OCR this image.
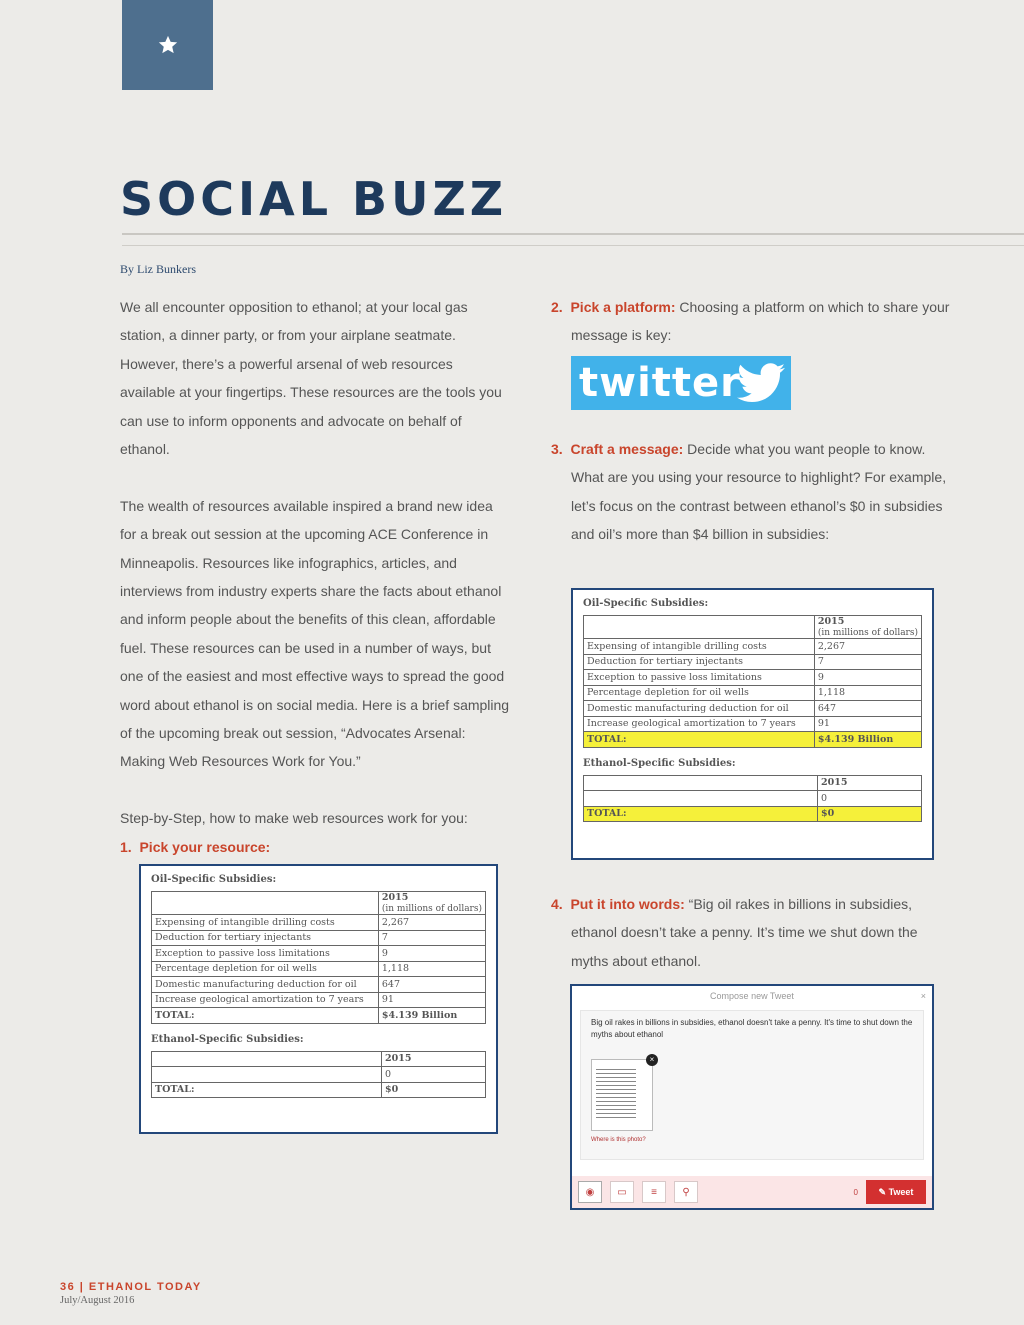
SOCIAL BUZZ
By Liz Bunkers

We all encounter opposition to ethanol; at your local gas station, a dinner party, or from your airplane seatmate. However, there’s a powerful arsenal of web resources available at your fingertips. These resources are the tools you can use to inform opponents and advocate on behalf of ethanol.

The wealth of resources available inspired a brand new idea for a break out session at the upcoming ACE Conference in Minneapolis. Resources like infographics, articles, and interviews from industry experts share the facts about ethanol and inform people about the benefits of this clean, affordable fuel. These resources can be used in a number of ways, but one of the easiest and most effective ways to spread the good word about ethanol is on social media. Here is a brief sampling of the upcoming break out session, “Advocates Arsenal: Making Web Resources Work for You.”

Step-by-Step, how to make web resources work for you:

1. Pick your resource:
Oil-Specific Subsidies:
	2015
(in millions of dollars)
Expensing of intangible drilling costs	2,267
Deduction for tertiary injectants	7
Exception to passive loss limitations	9
Percentage depletion for oil wells	1,118
Domestic manufacturing deduction for oil	647
Increase geological amortization to 7 years	91
TOTAL:	$4.139 Billion
Ethanol-Specific Subsidies:
	2015
	0
TOTAL:	$0
2. Pick a platform: Choosing a platform on which to share your message is key:
twitter
3. Craft a message: Decide what you want people to know. What are you using your resource to highlight? For example, let’s focus on the contrast between ethanol’s $0 in subsidies and oil’s more than $4 billion in subsidies:
Oil-Specific Subsidies:
	2015
(in millions of dollars)
Expensing of intangible drilling costs	2,267
Deduction for tertiary injectants	7
Exception to passive loss limitations	9
Percentage depletion for oil wells	1,118
Domestic manufacturing deduction for oil	647
Increase geological amortization to 7 years	91
TOTAL:	$4.139 Billion
Ethanol-Specific Subsidies:
	2015
	0
TOTAL:	$0
4. Put it into words: “Big oil rakes in billions in subsidies, ethanol doesn’t take a penny. It’s time we shut down the myths about ethanol.
Compose new Tweet	×
Big oil rakes in billions in subsidies, ethanol doesn't take a penny. It's time to shut down the myths about ethanol
×
Where is this photo?
◉	▭	≡	⚲	0	✎ Tweet
36 | ETHANOL TODAY
July/August 2016
